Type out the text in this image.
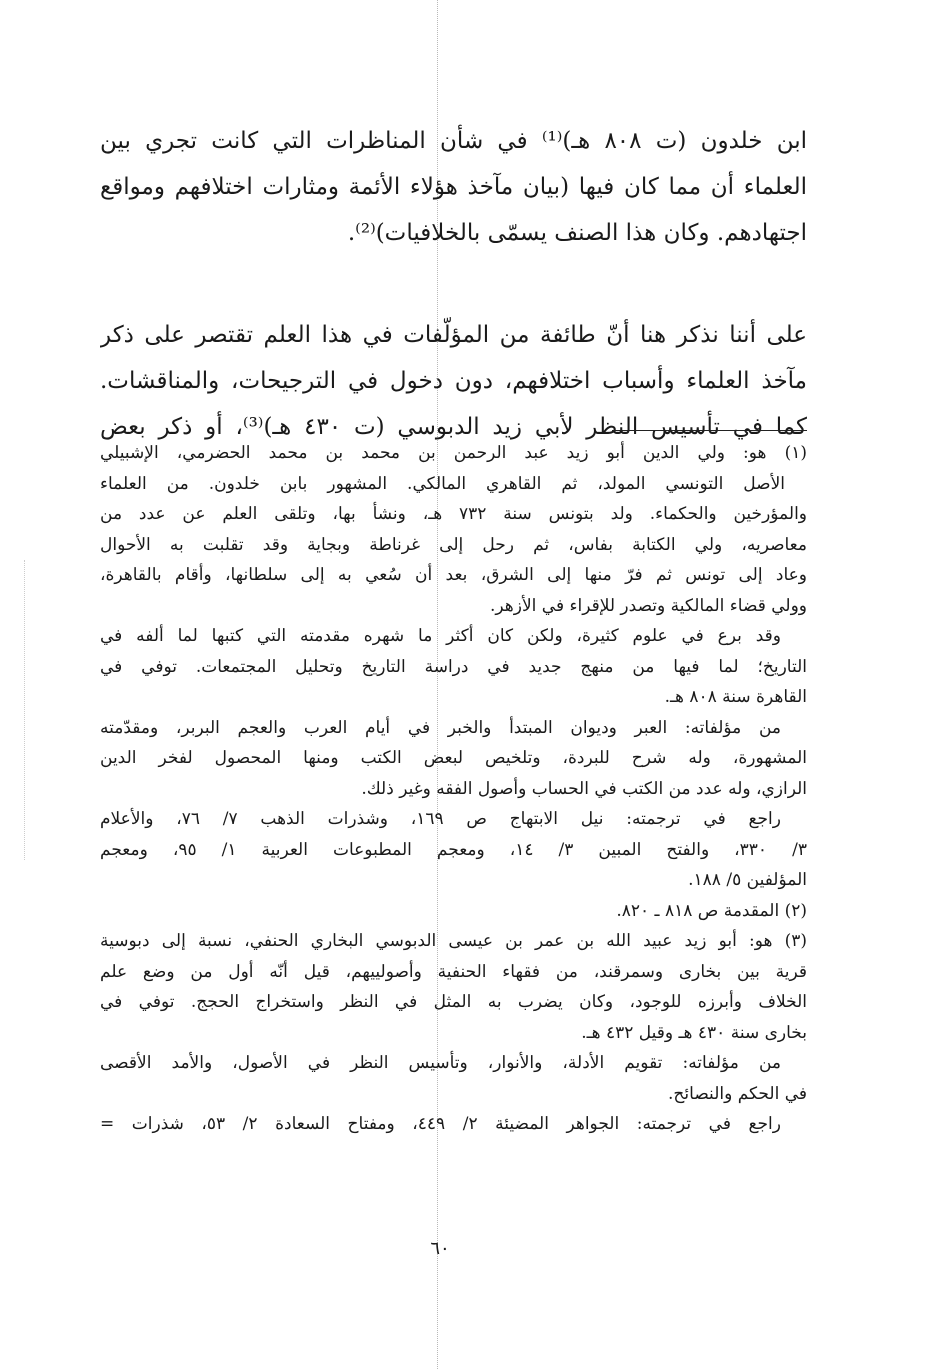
ابن خلدون (ت ٨٠٨ هـ)⁽¹⁾ في شأن المناظرات التي كانت تجري بين
العلماء أن مما كان فيها (بيان مآخذ هؤلاء الأئمة ومثارات اختلافهم ومواقع
اجتهادهم. وكان هذا الصنف يسمّى بالخلافيات)⁽²⁾.
على أننا نذكر هنا أنّ طائفة من المؤلّفات في هذا العلم تقتصر على ذكر
مآخذ العلماء وأسباب اختلافهم، دون دخول في الترجيحات، والمناقشات.
كما في تأسيس النظر لأبي زيد الدبوسي (ت ٤٣٠ هـ)⁽³⁾، أو ذكر بعض
(١) هو: ولي الدين أبو زيد عبد الرحمن بن محمد بن محمد الحضرمي، الإشبيلي
الأصل التونسي المولد، ثم القاهري المالكي. المشهور بابن خلدون. من العلماء
والمؤرخين والحكماء. ولد بتونس سنة ٧٣٢ هـ، ونشأ بها، وتلقى العلم عن عدد من
معاصريه، ولي الكتابة بفاس، ثم رحل إلى غرناطة وبجاية وقد تقلبت به الأحوال
وعاد إلى تونس ثم فرّ منها إلى الشرق، بعد أن سُعي به إلى سلطانها، وأقام بالقاهرة،
وولي قضاء المالكية وتصدر للإقراء في الأزهر.
وقد برع في علوم كثيرة، ولكن كان أكثر ما شهره مقدمته التي كتبها لما ألفه في
التاريخ؛ لما فيها من منهج جديد في دراسة التاريخ وتحليل المجتمعات. توفي في
القاهرة سنة ٨٠٨ هـ.
من مؤلفاته: العبر وديوان المبتدأ والخبر في أيام العرب والعجم البربر، ومقدّمته
المشهورة، وله شرح للبردة، وتلخيص لبعض الكتب ومنها المحصول لفخر الدين
الرازي، وله عدد من الكتب في الحساب وأصول الفقه وغير ذلك.
راجع في ترجمته: نيل الابتهاج ص ١٦٩، وشذرات الذهب ٧/ ٧٦، والأعلام
٣/ ٣٣٠، والفتح المبين ٣/ ١٤، ومعجم المطبوعات العربية ١/ ٩٥، ومعجم
المؤلفين ٥/ ١٨٨.
(٢) المقدمة ص ٨١٨ ـ ٨٢٠.
(٣) هو: أبو زيد عبيد الله بن عمر بن عيسى الدبوسي البخاري الحنفي، نسبة إلى دبوسية
قرية بين بخارى وسمرقند، من فقهاء الحنفية وأصولييهم، قيل أنّه أول من وضع علم
الخلاف وأبرزه للوجود، وكان يضرب به المثل في النظر واستخراج الحجج. توفي في
بخارى سنة ٤٣٠ هـ وقيل ٤٣٢ هـ.
من مؤلفاته: تقويم الأدلة، والأنوار، وتأسيس النظر في الأصول، والأمد الأقصى
في الحكم والنصائح.
راجع في ترجمته: الجواهر المضيئة ٢/ ٤٤٩، ومفتاح السعادة ٢/ ٥٣، شذرات =
٦٠
